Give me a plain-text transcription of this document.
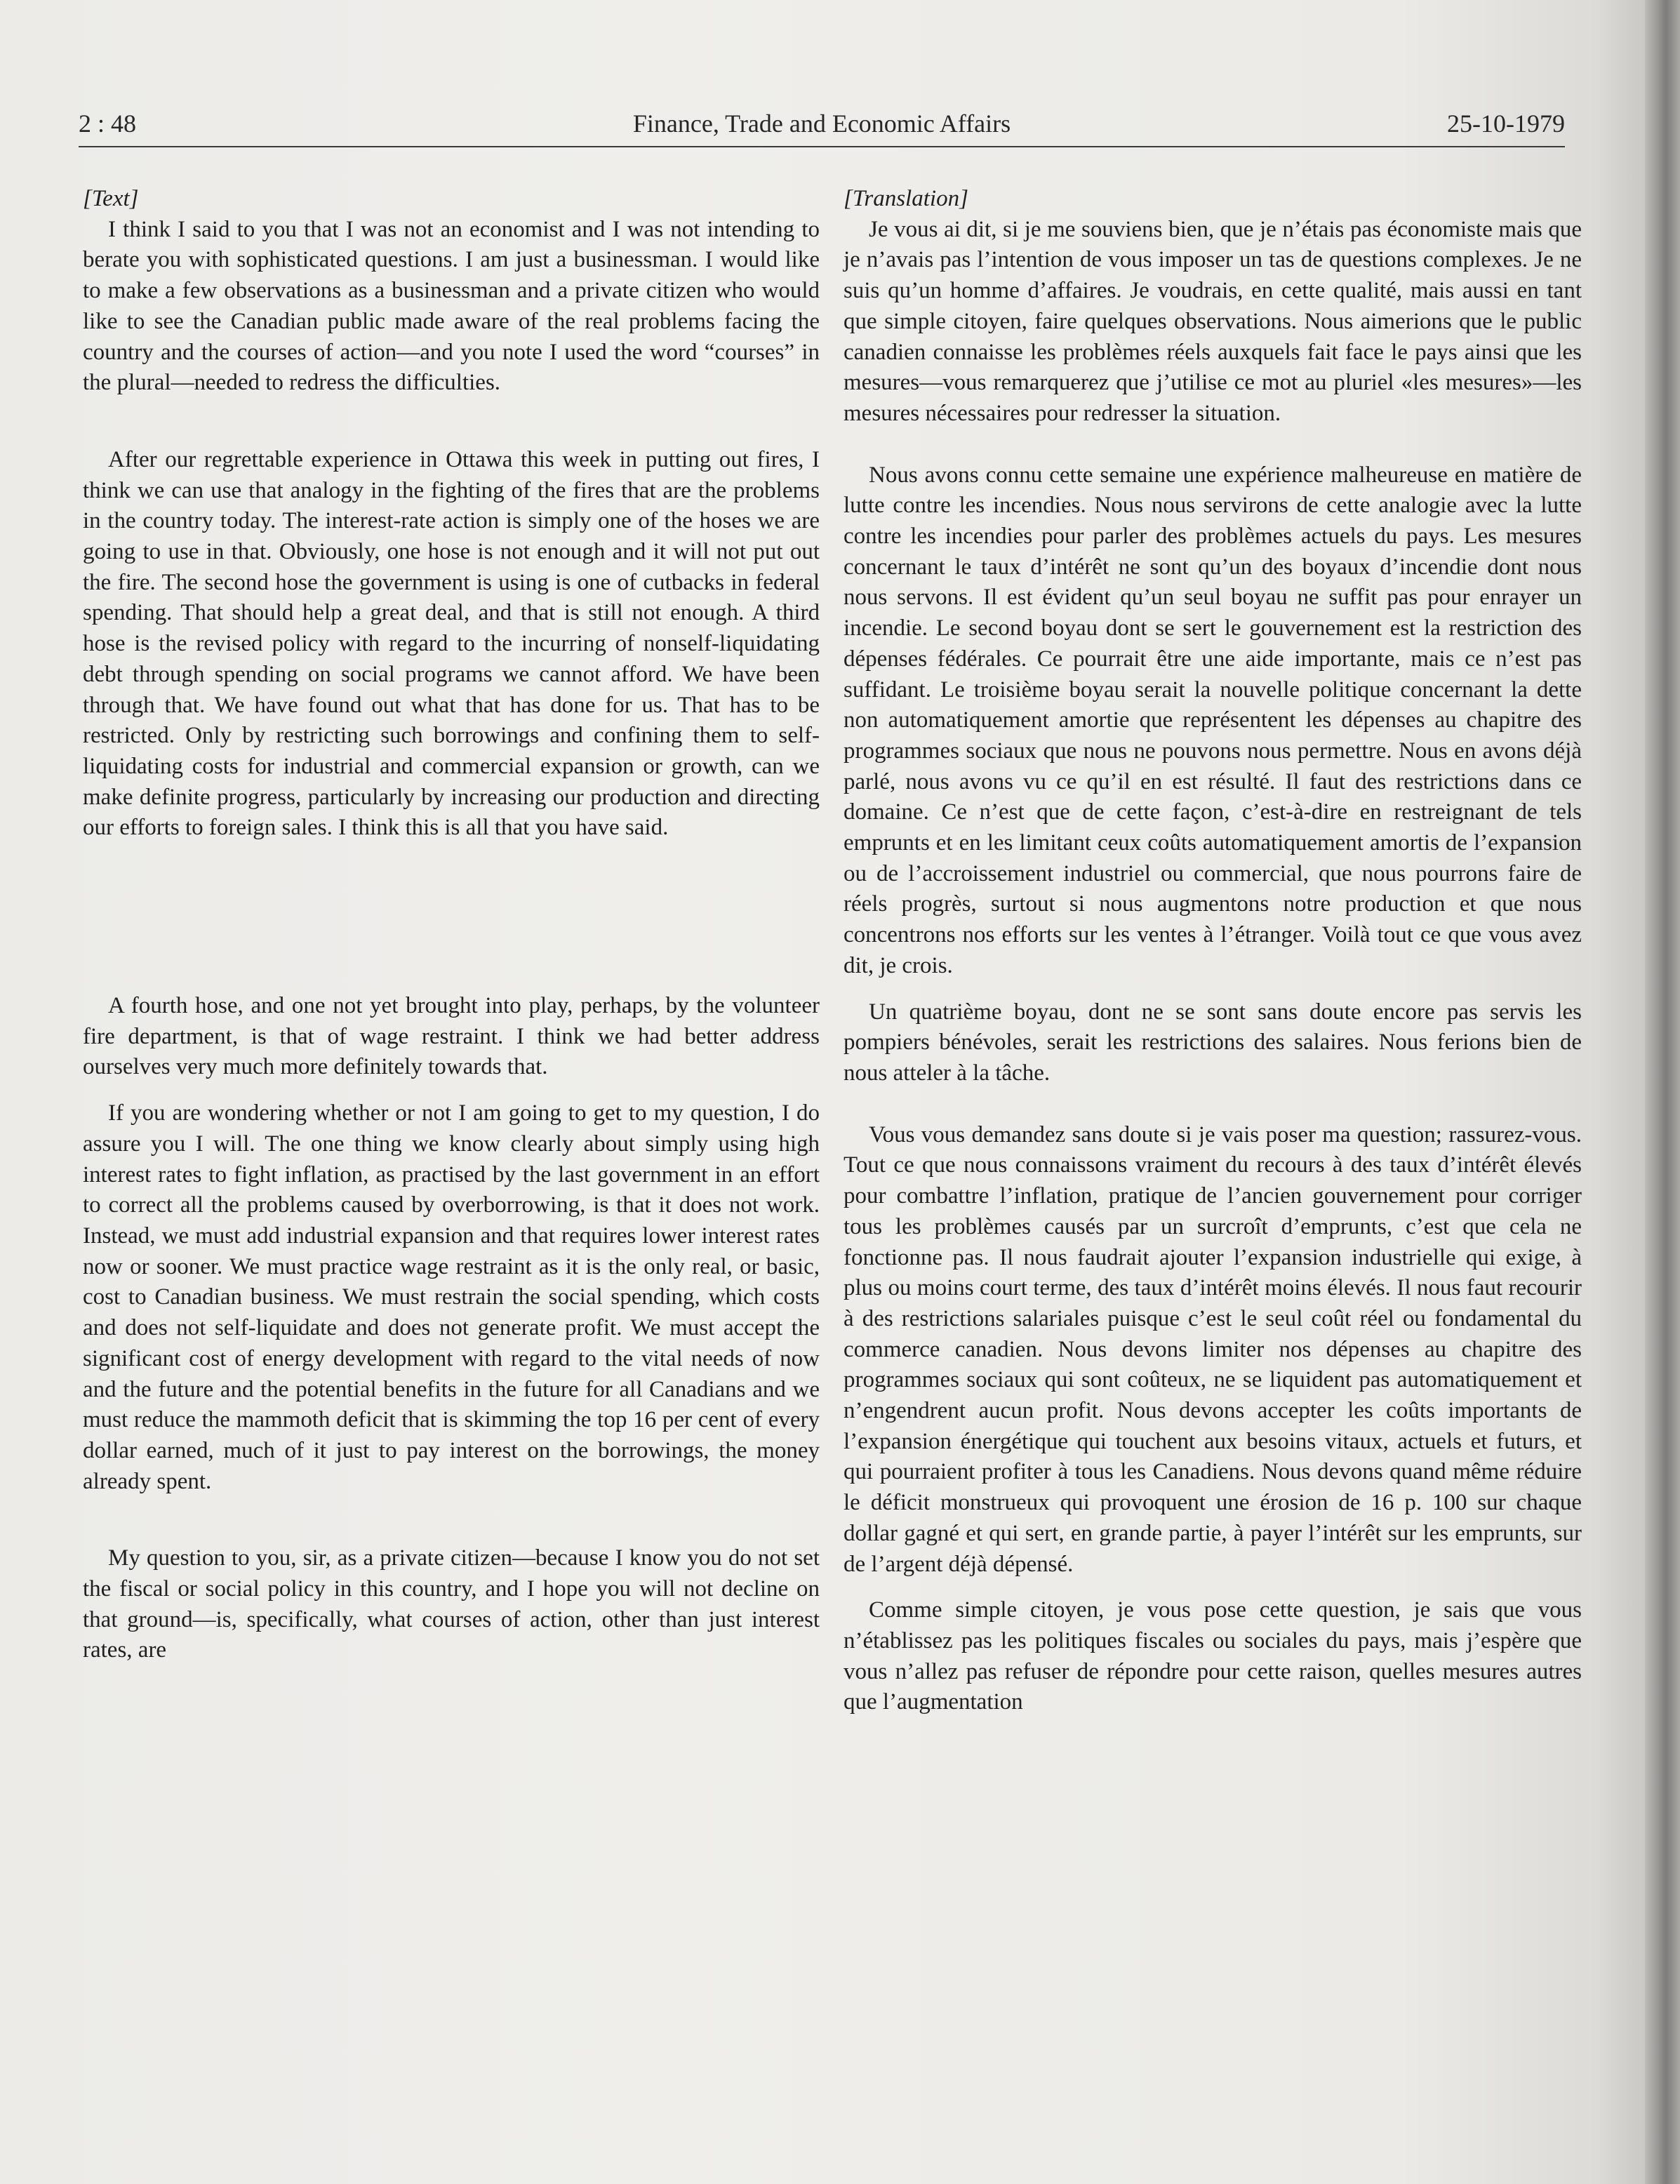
2 : 48	Finance, Trade and Economic Affairs	25-10-1979

[Text]

I think I said to you that I was not an economist and I was not intending to berate you with sophisticated questions. I am just a businessman. I would like to make a few observations as a businessman and a private citizen who would like to see the Canadian public made aware of the real problems facing the country and the courses of action—and you note I used the word “courses” in the plural—needed to redress the difficulties.

After our regrettable experience in Ottawa this week in putting out fires, I think we can use that analogy in the fighting of the fires that are the problems in the country today. The interest-rate action is simply one of the hoses we are going to use in that. Obviously, one hose is not enough and it will not put out the fire. The second hose the government is using is one of cutbacks in federal spending. That should help a great deal, and that is still not enough. A third hose is the revised policy with regard to the incurring of nonself-liquidating debt through spending on social programs we cannot afford. We have been through that. We have found out what that has done for us. That has to be restricted. Only by restricting such borrowings and confining them to self-liquidating costs for industrial and commercial expansion or growth, can we make definite progress, particularly by increasing our production and directing our efforts to foreign sales. I think this is all that you have said.

A fourth hose, and one not yet brought into play, perhaps, by the volunteer fire department, is that of wage restraint. I think we had better address ourselves very much more definitely towards that.

If you are wondering whether or not I am going to get to my question, I do assure you I will. The one thing we know clearly about simply using high interest rates to fight inflation, as practised by the last government in an effort to correct all the problems caused by overborrowing, is that it does not work. Instead, we must add industrial expansion and that requires lower interest rates now or sooner. We must practice wage restraint as it is the only real, or basic, cost to Canadian business. We must restrain the social spending, which costs and does not self-liquidate and does not generate profit. We must accept the significant cost of energy development with regard to the vital needs of now and the future and the potential benefits in the future for all Canadians and we must reduce the mammoth deficit that is skimming the top 16 per cent of every dollar earned, much of it just to pay interest on the borrowings, the money already spent.

My question to you, sir, as a private citizen—because I know you do not set the fiscal or social policy in this country, and I hope you will not decline on that ground—is, specifically, what courses of action, other than just interest rates, are

[Translation]

Je vous ai dit, si je me souviens bien, que je n’étais pas économiste mais que je n’avais pas l’intention de vous imposer un tas de questions complexes. Je ne suis qu’un homme d’affaires. Je voudrais, en cette qualité, mais aussi en tant que simple citoyen, faire quelques observations. Nous aimerions que le public canadien connaisse les problèmes réels auxquels fait face le pays ainsi que les mesures—vous remarquerez que j’utilise ce mot au pluriel «les mesures»—les mesures nécessaires pour redresser la situation.

Nous avons connu cette semaine une expérience malheureuse en matière de lutte contre les incendies. Nous nous servirons de cette analogie avec la lutte contre les incendies pour parler des problèmes actuels du pays. Les mesures concernant le taux d’intérêt ne sont qu’un des boyaux d’incendie dont nous nous servons. Il est évident qu’un seul boyau ne suffit pas pour enrayer un incendie. Le second boyau dont se sert le gouvernement est la restriction des dépenses fédérales. Ce pourrait être une aide importante, mais ce n’est pas suffidant. Le troisième boyau serait la nouvelle politique concernant la dette non automatiquement amortie que représentent les dépenses au chapitre des programmes sociaux que nous ne pouvons nous permettre. Nous en avons déjà parlé, nous avons vu ce qu’il en est résulté. Il faut des restrictions dans ce domaine. Ce n’est que de cette façon, c’est-à-dire en restreignant de tels emprunts et en les limitant ceux coûts automatiquement amortis de l’expansion ou de l’accroissement industriel ou commercial, que nous pourrons faire de réels progrès, surtout si nous augmentons notre production et que nous concentrons nos efforts sur les ventes à l’étranger. Voilà tout ce que vous avez dit, je crois.

Un quatrième boyau, dont ne se sont sans doute encore pas servis les pompiers bénévoles, serait les restrictions des salaires. Nous ferions bien de nous atteler à la tâche.

Vous vous demandez sans doute si je vais poser ma question; rassurez-vous. Tout ce que nous connaissons vraiment du recours à des taux d’intérêt élevés pour combattre l’inflation, pratique de l’ancien gouvernement pour corriger tous les problèmes causés par un surcroît d’emprunts, c’est que cela ne fonctionne pas. Il nous faudrait ajouter l’expansion industrielle qui exige, à plus ou moins court terme, des taux d’intérêt moins élevés. Il nous faut recourir à des restrictions salariales puisque c’est le seul coût réel ou fondamental du commerce canadien. Nous devons limiter nos dépenses au chapitre des programmes sociaux qui sont coûteux, ne se liquident pas automatiquement et n’engendrent aucun profit. Nous devons accepter les coûts importants de l’expansion énergétique qui touchent aux besoins vitaux, actuels et futurs, et qui pourraient profiter à tous les Canadiens. Nous devons quand même réduire le déficit monstrueux qui provoquent une érosion de 16 p. 100 sur chaque dollar gagné et qui sert, en grande partie, à payer l’intérêt sur les emprunts, sur de l’argent déjà dépensé.

Comme simple citoyen, je vous pose cette question, je sais que vous n’établissez pas les politiques fiscales ou sociales du pays, mais j’espère que vous n’allez pas refuser de répondre pour cette raison, quelles mesures autres que l’augmentation
